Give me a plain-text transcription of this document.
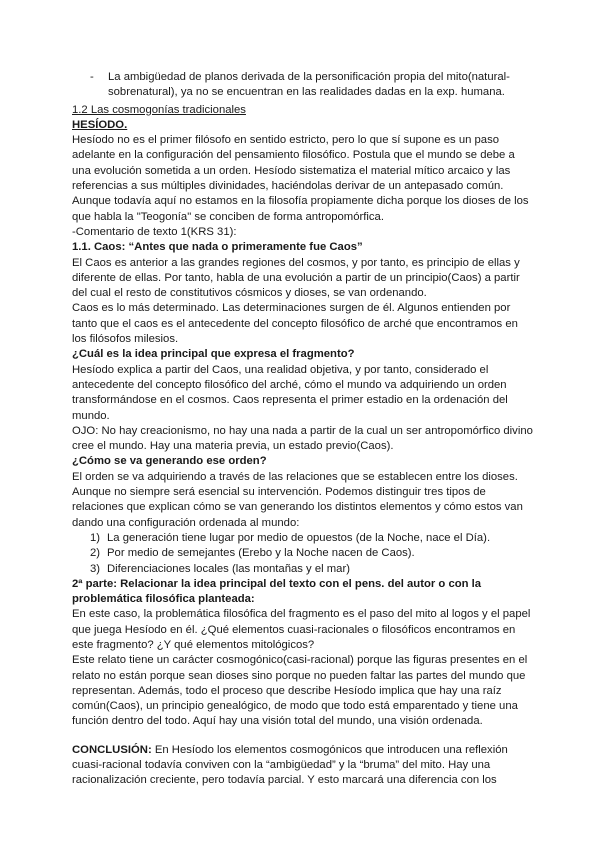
- La ambigüedad de planos derivada de la personificación propia del mito(natural-sobrenatural), ya no se encuentran en las realidades dadas en la exp. humana.

1.2 Las cosmogonías tradicionales

HESÍODO.

Hesíodo no es el primer filósofo en sentido estricto, pero lo que sí supone es un paso adelante en la configuración del pensamiento filosófico. Postula que el mundo se debe a una evolución sometida a un orden. Hesíodo sistematiza el material mítico arcaico y las referencias a sus múltiples divinidades, haciéndolas derivar de un antepasado común. Aunque todavía aquí no estamos en la filosofía propiamente dicha porque los dioses de los que habla la "Teogonía" se conciben de forma antropomórfica.

-Comentario de texto 1(KRS 31):

1.1. Caos: “Antes que nada o primeramente fue Caos”

El Caos es anterior a las grandes regiones del cosmos, y por tanto, es principio de ellas y diferente de ellas. Por tanto, habla de una evolución a partir de un principio(Caos) a partir del cual el resto de constitutivos cósmicos y dioses, se van ordenando.

Caos es lo más determinado. Las determinaciones surgen de él. Algunos entienden por tanto que el caos es el antecedente del concepto filosófico de arché que encontramos en los filósofos milesios.

¿Cuál es la idea principal que expresa el fragmento?

Hesíodo explica a partir del Caos, una realidad objetiva, y por tanto, considerado el antecedente del concepto filosófico del arché, cómo el mundo va adquiriendo un orden transformándose en el cosmos. Caos representa el primer estadio en la ordenación del mundo.

OJO: No hay creacionismo, no hay una nada a partir de la cual un ser antropomórfico divino cree el mundo. Hay una materia previa, un estado previo(Caos).

¿Cómo se va generando ese orden?

El orden se va adquiriendo a través de las relaciones que se establecen entre los dioses. Aunque no siempre será esencial su intervención. Podemos distinguir tres tipos de relaciones que explican cómo se van generando los distintos elementos y cómo estos van dando una configuración ordenada al mundo:

1) La generación tiene lugar por medio de opuestos (de la Noche, nace el Día).
2) Por medio de semejantes (Erebo y la Noche nacen de Caos).
3) Diferenciaciones locales (las montañas y el mar)

2ª parte: Relacionar la idea principal del texto con el pens. del autor o con la problemática filosófica planteada:

En este caso, la problemática filosófica del fragmento es el paso del mito al logos y el papel que juega Hesíodo en él. ¿Qué elementos cuasi-racionales o filosóficos encontramos en este fragmento? ¿Y qué elementos mitológicos?

Este relato tiene un carácter cosmogónico(casi-racional) porque las figuras presentes en el relato no están porque sean dioses sino porque no pueden faltar las partes del mundo que representan. Además, todo el proceso que describe Hesíodo implica que hay una raíz común(Caos), un principio genealógico, de modo que todo está emparentado y tiene una función dentro del todo. Aquí hay una visión total del mundo, una visión ordenada.

CONCLUSIÓN: En Hesíodo los elementos cosmogónicos que introducen una reflexión cuasi-racional todavía conviven con la “ambigüedad” y la “bruma” del mito. Hay una racionalización creciente, pero todavía parcial. Y esto marcará una diferencia con los
